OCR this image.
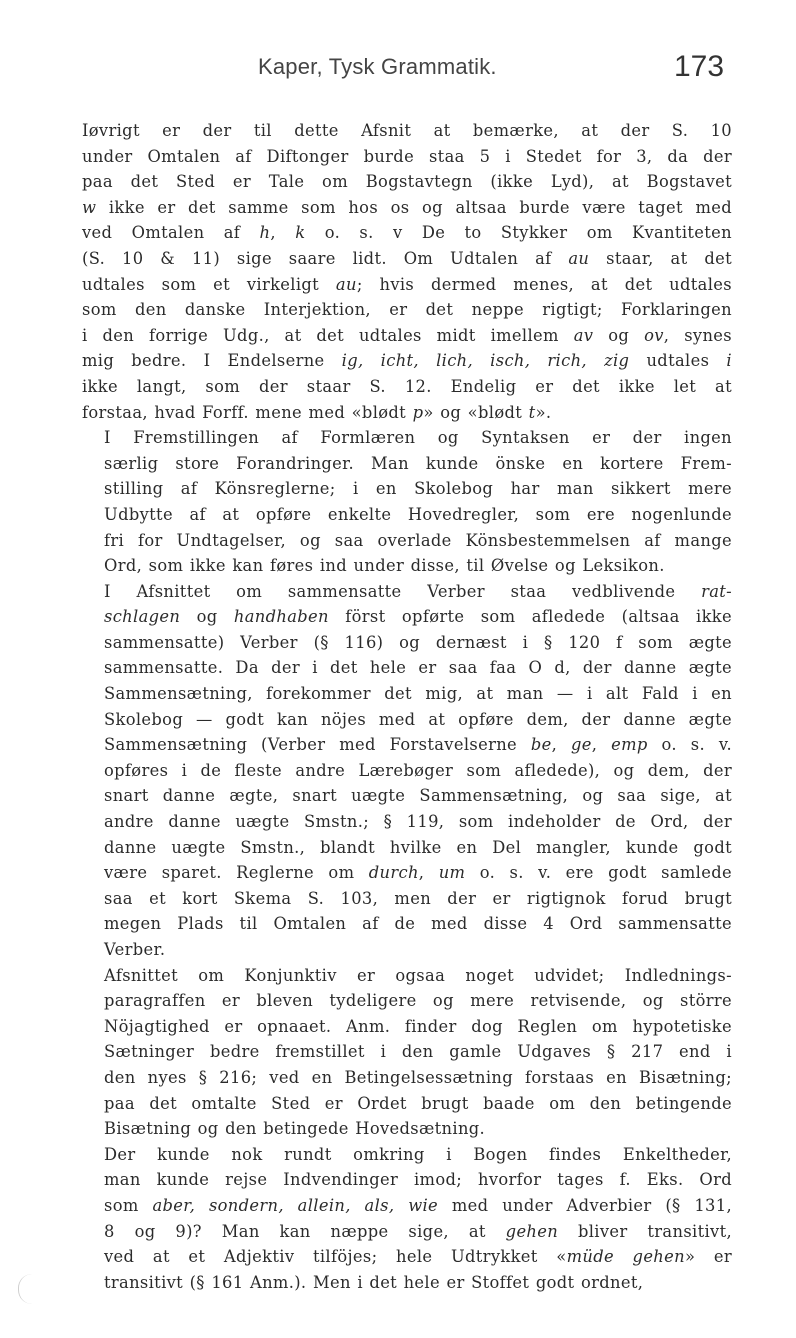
Kaper, Tysk Grammatik.	173

Iøvrigt er der til dette Afsnit at bemærke, at der S. 10
under Omtalen af Diftonger burde staa 5 i Stedet for 3, da der
paa det Sted er Tale om Bogstavtegn (ikke Lyd), at Bogstavet
w ikke er det samme som hos os og altsaa burde være taget med
ved Omtalen af h, k o. s. v De to Stykker om Kvantiteten
(S. 10 & 11) sige saare lidt. Om Udtalen af au staar, at det
udtales som et virkeligt au; hvis dermed menes, at det udtales
som den danske Interjektion, er det neppe rigtigt; Forklaringen
i den forrige Udg., at det udtales midt imellem av og ov, synes
mig bedre. I Endelserne ig, icht, lich, isch, rich, zig udtales i
ikke langt, som der staar S. 12. Endelig er det ikke let at
forstaa, hvad Forff. mene med «blødt p» og «blødt t».

I Fremstillingen af Formlæren og Syntaksen er der ingen
særlig store Forandringer. Man kunde önske en kortere Frem-
stilling af Könsreglerne; i en Skolebog har man sikkert mere
Udbytte af at opføre enkelte Hovedregler, som ere nogenlunde
fri for Undtagelser, og saa overlade Könsbestemmelsen af mange
Ord, som ikke kan føres ind under disse, til Øvelse og Leksikon.

I Afsnittet om sammensatte Verber staa vedblivende rat-
schlagen og handhaben först opførte som afledede (altsaa ikke
sammensatte) Verber (§ 116) og dernæst i § 120 f som ægte
sammensatte. Da der i det hele er saa faa O d, der danne ægte
Sammensætning, forekommer det mig, at man — i alt Fald i en
Skolebog — godt kan nöjes med at opføre dem, der danne ægte
Sammensætning (Verber med Forstavelserne be, ge, emp o. s. v.
opføres i de fleste andre Lærebøger som afledede), og dem, der
snart danne ægte, snart uægte Sammensætning, og saa sige, at
andre danne uægte Smstn.; § 119, som indeholder de Ord, der
danne uægte Smstn., blandt hvilke en Del mangler, kunde godt
være sparet. Reglerne om durch, um o. s. v. ere godt samlede
saa et kort Skema S. 103, men der er rigtignok forud brugt
megen Plads til Omtalen af de med disse 4 Ord sammensatte
Verber.

Afsnittet om Konjunktiv er ogsaa noget udvidet; Indlednings-
paragraffen er bleven tydeligere og mere retvisende, og större
Nöjagtighed er opnaaet. Anm. finder dog Reglen om hypotetiske
Sætninger bedre fremstillet i den gamle Udgaves § 217 end i
den nyes § 216; ved en Betingelsessætning forstaas en Bisætning;
paa det omtalte Sted er Ordet brugt baade om den betingende
Bisætning og den betingede Hovedsætning.

Der kunde nok rundt omkring i Bogen findes Enkeltheder,
man kunde rejse Indvendinger imod; hvorfor tages f. Eks. Ord
som aber, sondern, allein, als, wie med under Adverbier (§ 131,
8 og 9)? Man kan næppe sige, at gehen bliver transitivt,
ved at et Adjektiv tilföjes; hele Udtrykket «müde gehen» er
transitivt (§ 161 Anm.). Men i det hele er Stoffet godt ordnet,
